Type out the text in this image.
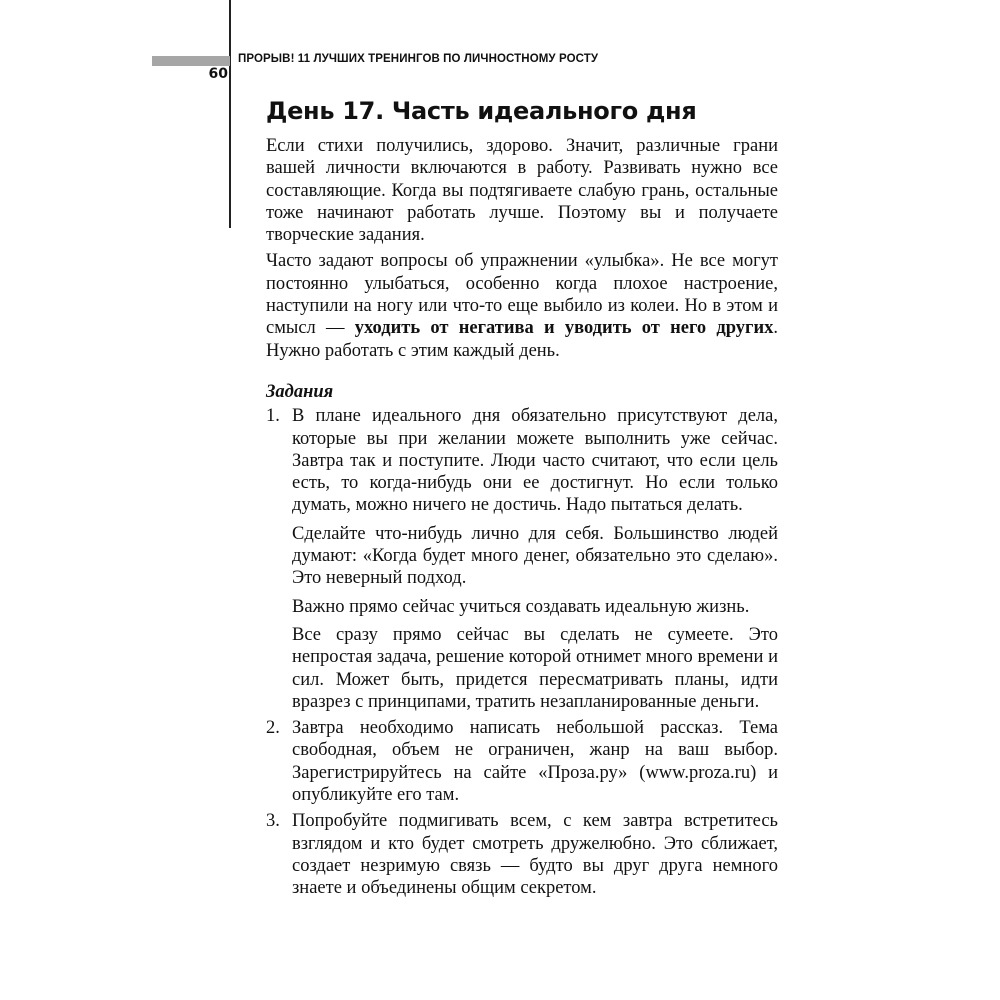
60
ПРОРЫВ! 11 ЛУЧШИХ ТРЕНИНГОВ ПО ЛИЧНОСТНОМУ РОСТУ
День 17. Часть идеального дня

Если стихи получились, здорово. Значит, различные грани вашей личности включаются в работу. Развивать нужно все составляющие. Когда вы подтягиваете слабую грань, остальные тоже начинают работать лучше. Поэтому вы и получаете творческие задания.

Часто задают вопросы об упражнении «улыбка». Не все могут постоянно улыбаться, особенно когда плохое настроение, наступили на ногу или что-то еще выбило из колеи. Но в этом и смысл — уходить от негатива и уводить от него других. Нужно работать с этим каждый день.

Задания

1. В плане идеального дня обязательно присутствуют дела, которые вы при желании можете выполнить уже сейчас. Завтра так и поступите. Люди часто считают, что если цель есть, то когда-нибудь они ее достигнут. Но если только думать, можно ничего не достичь. Надо пытаться делать.

Сделайте что-нибудь лично для себя. Большинство людей думают: «Когда будет много денег, обязательно это сделаю». Это неверный подход.

Важно прямо сейчас учиться создавать идеальную жизнь.

Все сразу прямо сейчас вы сделать не сумеете. Это непростая задача, решение которой отнимет много времени и сил. Может быть, придется пересматривать планы, идти вразрез с принципами, тратить незапланированные деньги.

2. Завтра необходимо написать небольшой рассказ. Тема свободная, объем не ограничен, жанр на ваш выбор. Зарегистрируйтесь на сайте «Проза.ру» (www.proza.ru) и опубликуйте его там.

3. Попробуйте подмигивать всем, с кем завтра встретитесь взглядом и кто будет смотреть дружелюбно. Это сближает, создает незримую связь — будто вы друг друга немного знаете и объединены общим секретом.
